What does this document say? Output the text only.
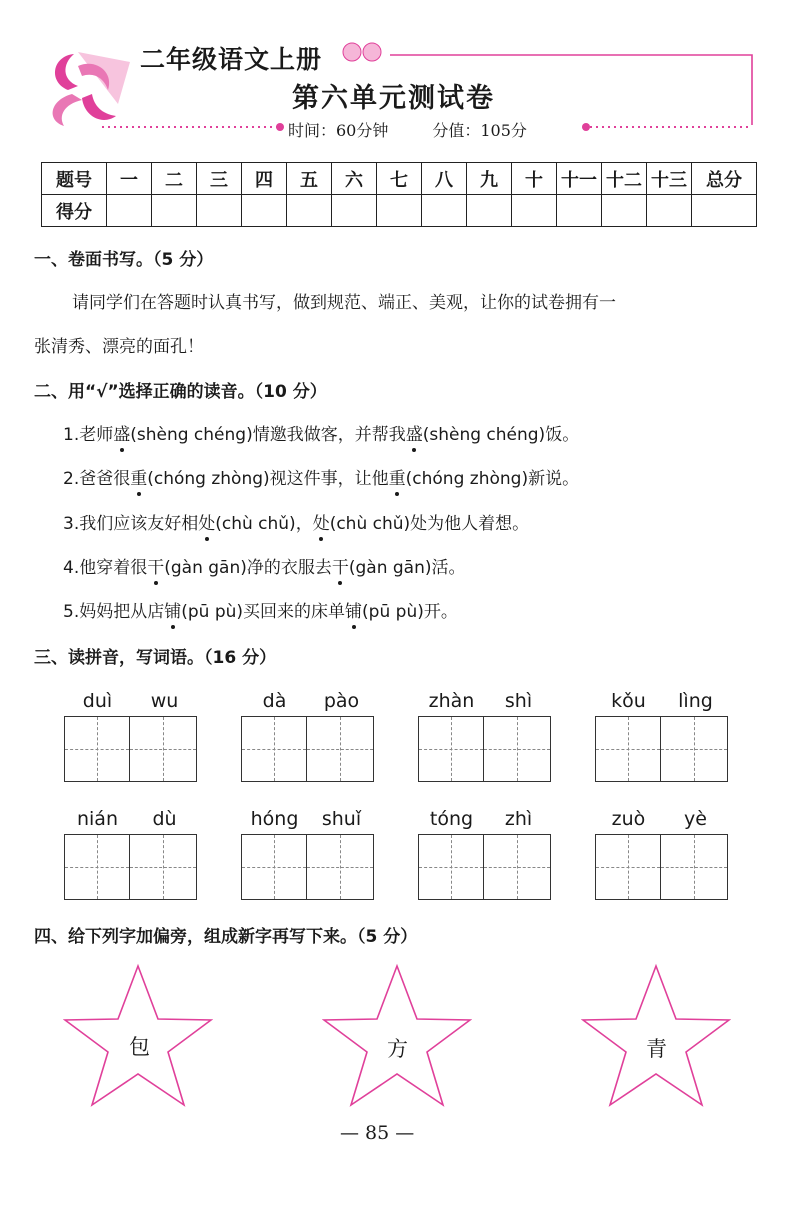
二年级语文上册
第六单元测试卷
时间：60分钟	分值：105分
题号	一	二	三	四	五	六	七	八	九	十	十一	十二	十三	总分
得分														
一、卷面书写。（5 分）
请同学们在答题时认真书写，做到规范、端正、美观，让你的试卷拥有一
张清秀、漂亮的面孔！
二、用“√”选择正确的读音。（10 分）
1.老师盛(shèng chéng)情邀我做客，并帮我盛(shèng chéng)饭。
2.爸爸很重(chóng zhòng)视这件事，让他重(chóng zhòng)新说。
3.我们应该友好相处(chù chǔ)，处(chù chǔ)处为他人着想。
4.他穿着很干(gàn gān)净的衣服去干(gàn gān)活。
5.妈妈把从店铺(pū pù)买回来的床单铺(pū pù)开。
三、读拼音，写词语。（16 分）
duì	wu	dà	pào	zhàn	shì	kǒu	lìng
nián	dù	hóng	shuǐ	tóng	zhì	zuò	yè
四、给下列字加偏旁，组成新字再写下来。（5 分）
包	方	青
— 85 —
